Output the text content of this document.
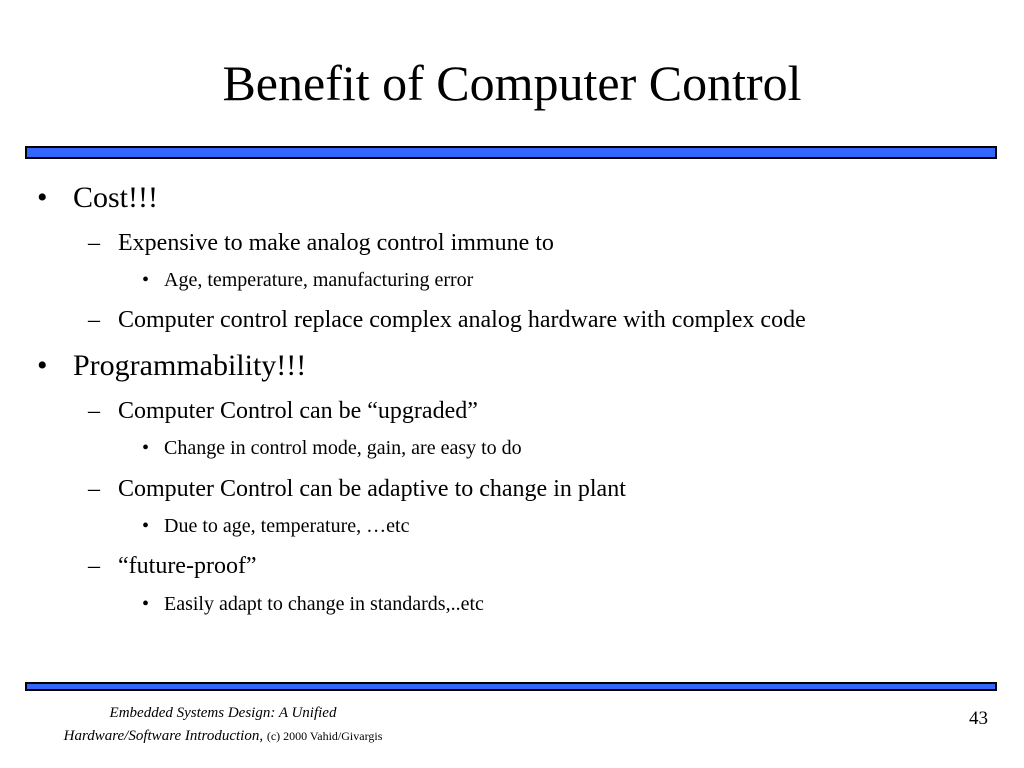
Benefit of Computer Control
• Cost!!!
– Expensive to make analog control immune to
• Age, temperature, manufacturing error
– Computer control replace complex analog hardware with complex code
• Programmability!!!
– Computer Control can be “upgraded”
• Change in control mode, gain, are easy to do
– Computer Control can be adaptive to change in plant
• Due to age, temperature, …etc
– “future-proof”
• Easily adapt to change in standards,..etc
Embedded Systems Design: A Unified
Hardware/Software Introduction, (c) 2000 Vahid/Givargis
43
